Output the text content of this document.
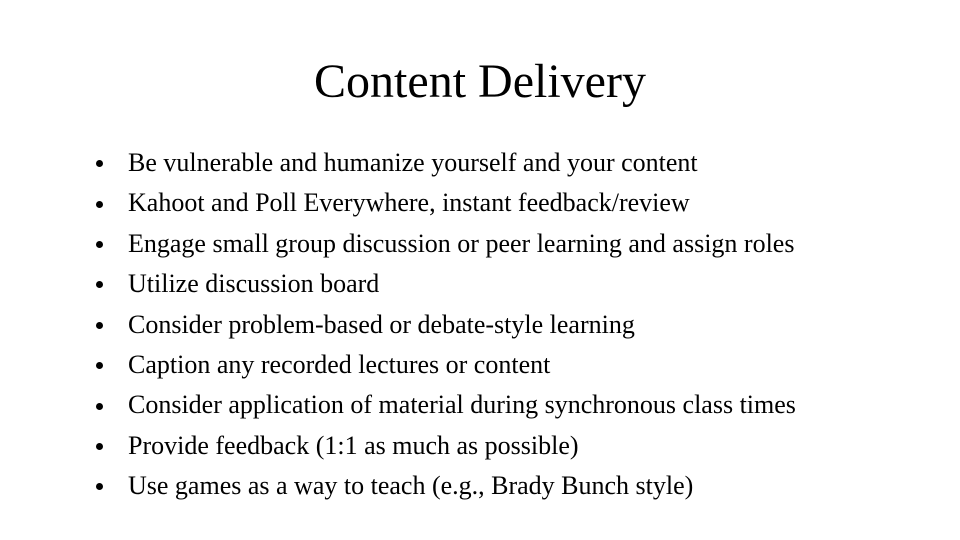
Content Delivery
Be vulnerable and humanize yourself and your content
Kahoot and Poll Everywhere, instant feedback/review
Engage small group discussion or peer learning and assign roles
Utilize discussion board
Consider problem-based or debate-style learning
Caption any recorded lectures or content
Consider application of material during synchronous class times
Provide feedback (1:1 as much as possible)
Use games as a way to teach (e.g., Brady Bunch style)
